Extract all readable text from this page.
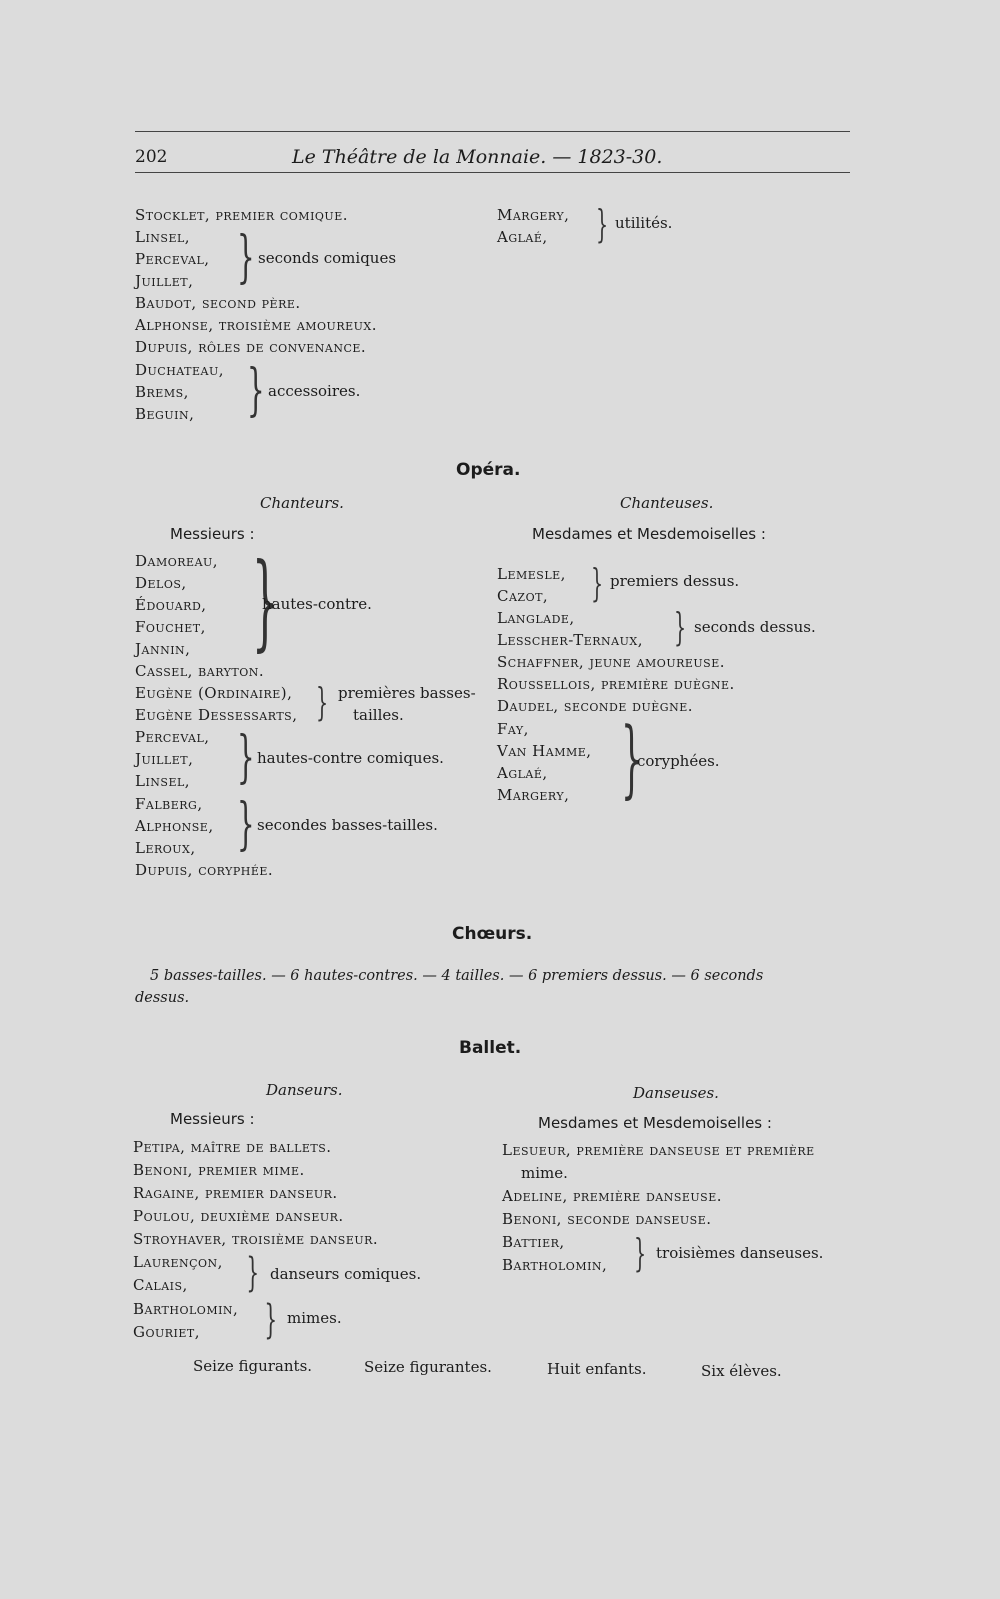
202	Le Théâtre de la Monnaie. — 1823-30.
Stocklet, premier comique.
Linsel,
Perceval,
Juillet, } seconds comiques
Baudot, second père.
Alphonse, troisième amoureux.
Dupuis, rôles de convenance.
Duchateau,
Brems,
Beguin, } accessoires.
Margery,
Aglaé, } utilités.
Opéra.
Chanteurs.	Chanteuses.
Messieurs :	Mesdames et Mesdemoiselles :
Damoreau,
Delos,
Édouard,
Fouchet,
Jannin, }
hautes-contre.
Cassel, baryton.
Eugène (Ordinaire),
Eugène Dessessarts, } premières basses-
tailles.
Perceval,
Juillet,
Linsel, } hautes-contre comiques.
Falberg,
Alphonse,
Leroux, } secondes basses-tailles.
Dupuis, coryphée.
Lemesle,
Cazot, } premiers dessus.
Langlade,
Lesscher-Ternaux, } seconds dessus.
Schaffner, jeune amoureuse.
Roussellois, première duègne.
Daudel, seconde duègne.
Fay,
Van Hamme,
Aglaé,
Margery, }
coryphées.
Chœurs.
5 basses-tailles. — 6 hautes-contres. — 4 tailles. — 6 premiers dessus. — 6 seconds
dessus.
Ballet.
Danseurs.	Danseuses.
Messieurs :	Mesdames et Mesdemoiselles :
Petipa, maître de ballets.
Benoni, premier mime.
Ragaine, premier danseur.
Poulou, deuxième danseur.
Stroyhaver, troisième danseur.
Laurençon,
Calais, } danseurs comiques.
Bartholomin,
Gouriet, } mimes.
Lesueur, première danseuse et première
mime.
Adeline, première danseuse.
Benoni, seconde danseuse.
Battier,
Bartholomin, } troisièmes danseuses.
Seize figurants.	Seize figurantes.	Huit enfants.	Six élèves.
